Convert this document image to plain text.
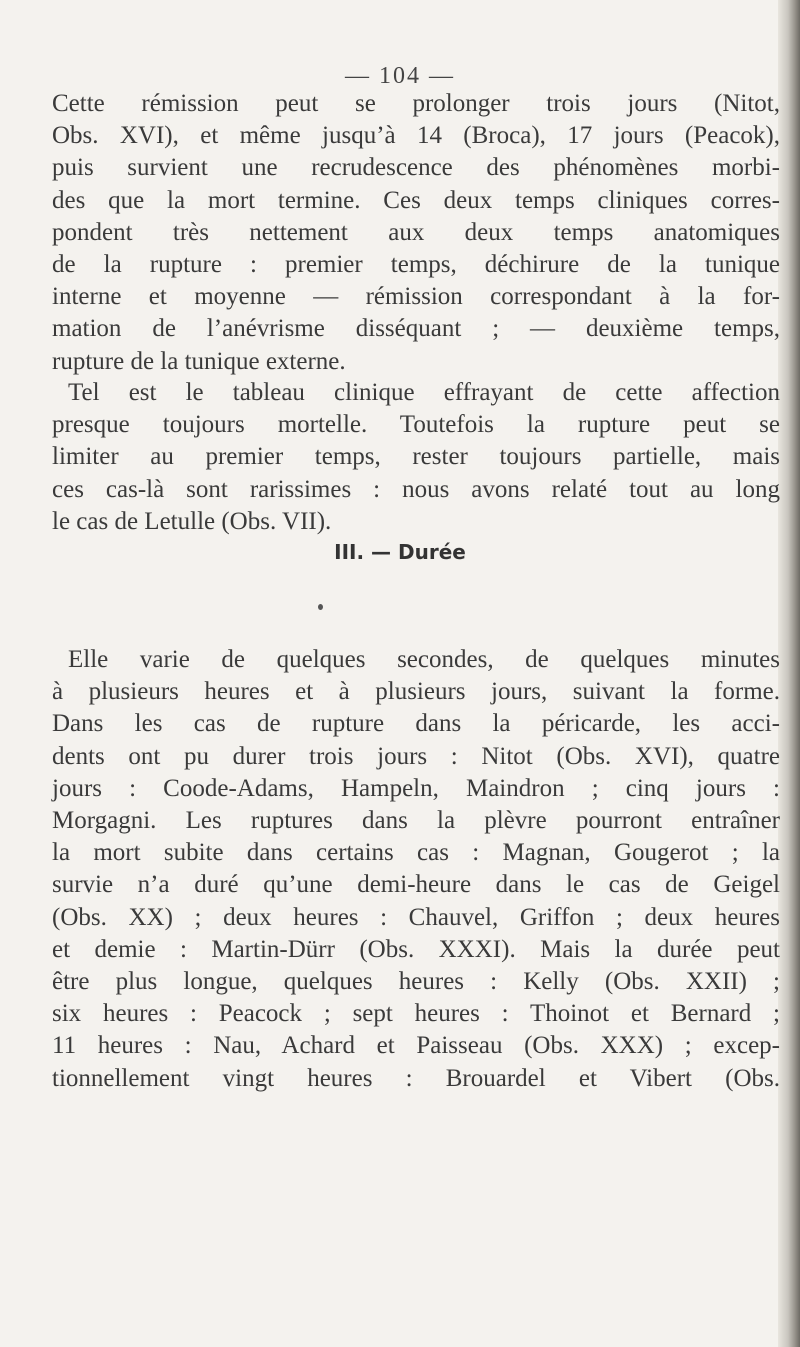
— 104 —
Cette rémission peut se prolonger trois jours (Nitot,
Obs. XVI), et même jusqu’à 14 (Broca), 17 jours (Peacok),
puis survient une recrudescence des phénomènes morbi-
des que la mort termine. Ces deux temps cliniques corres-
pondent très nettement aux deux temps anatomiques
de la rupture : premier temps, déchirure de la tunique
interne et moyenne — rémission correspondant à la for-
mation de l’anévrisme disséquant ; — deuxième temps,
rupture de la tunique externe.
Tel est le tableau clinique effrayant de cette affection
presque toujours mortelle. Toutefois la rupture peut se
limiter au premier temps, rester toujours partielle, mais
ces cas-là sont rarissimes : nous avons relaté tout au long
le cas de Letulle (Obs. VII).
III. — Durée
Elle varie de quelques secondes, de quelques minutes
à plusieurs heures et à plusieurs jours, suivant la forme.
Dans les cas de rupture dans la péricarde, les acci-
dents ont pu durer trois jours : Nitot (Obs. XVI), quatre
jours : Coode-Adams, Hampeln, Maindron ; cinq jours :
Morgagni. Les ruptures dans la plèvre pourront entraîner
la mort subite dans certains cas : Magnan, Gougerot ; la
survie n’a duré qu’une demi-heure dans le cas de Geigel
(Obs. XX) ; deux heures : Chauvel, Griffon ; deux heures
et demie : Martin-Dürr (Obs. XXXI). Mais la durée peut
être plus longue, quelques heures : Kelly (Obs. XXII) ;
six heures : Peacock ; sept heures : Thoinot et Bernard ;
11 heures : Nau, Achard et Paisseau (Obs. XXX) ; excep-
tionnellement vingt heures : Brouardel et Vibert (Obs.
